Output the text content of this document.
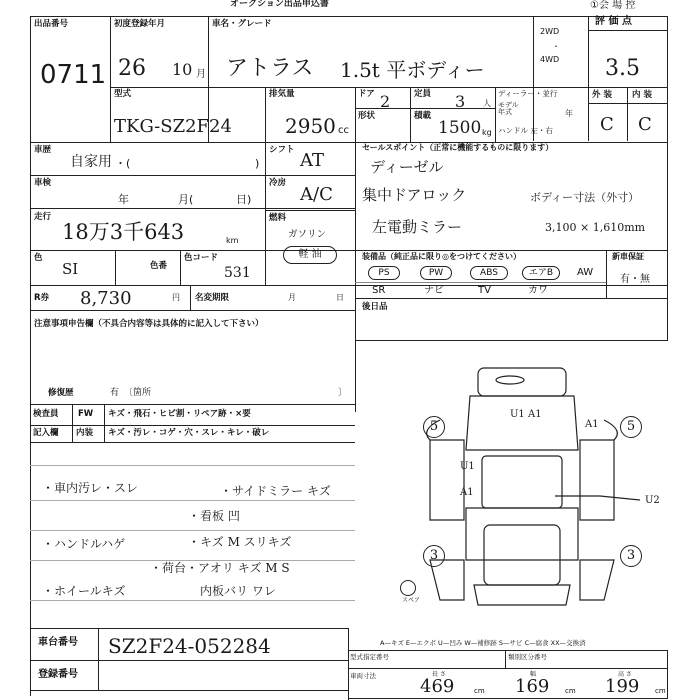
オークション出品申込書	①会 場 控
出品番号
0711
初度登録年月
26 10 月
車名・グレード
アトラス 1.5t 平ボディー
2WD
・
4WD
評 価 点
3.5
外 装 内 装
C C
型式
TKG-SZ2F24
排気量
2950 cc
ドア 2	定員 3 人
形状	積載
1500 kg
ディーラー・並行
モデル年式	年
ハンドル 左・右
車歴
自家用 ・(	)
車検
年	月(	日)
走行
18万3千643	km
色
SI	色番
色コード
531
シフト AT
冷房
A/C
燃料
ガソリン
軽 油
R券 8,730	円 名変期限	月	日
セールスポイント（正常に機能するものに限ります）
ディーゼル
集中ドアロック
左電動ミラー
ボディー寸法（外寸）
3,100 × 1,610mm
装備品（純正品に限り◎をつけてください）	新車保証
有・無
PS	PW	ABS	エアB	AW
SR	ナビ	TV	カワ
後日品
注意事項申告欄（不具合内容等は具体的に記入して下さい）
修復歴	有 〔箇所	〕
検査員
記入欄
FW キズ・飛石・ヒビ割・リペア跡・×要
内装 キズ・汚レ・コゲ・穴・スレ・キレ・破レ
・車内汚レ・スレ
・ハンドルハゲ
・ホイールキズ
・サイドミラー キズ
・看板 凹
・キズ M スリキズ
・荷台・アオリ キズ M S
内板バリ ワレ
U1 A1
A1
U1
A1
U2
5	5
3	3
スペア
A—キズ E—エクボ U—凹み W—補修跡 S—サビ C—腐食 XX—交換済
車台番号 SZ2F24-052284
登録番号
型式指定番号	類別区分番号
車両寸法	長 さ
469	cm
幅
169 cm
高 さ
199 cm
